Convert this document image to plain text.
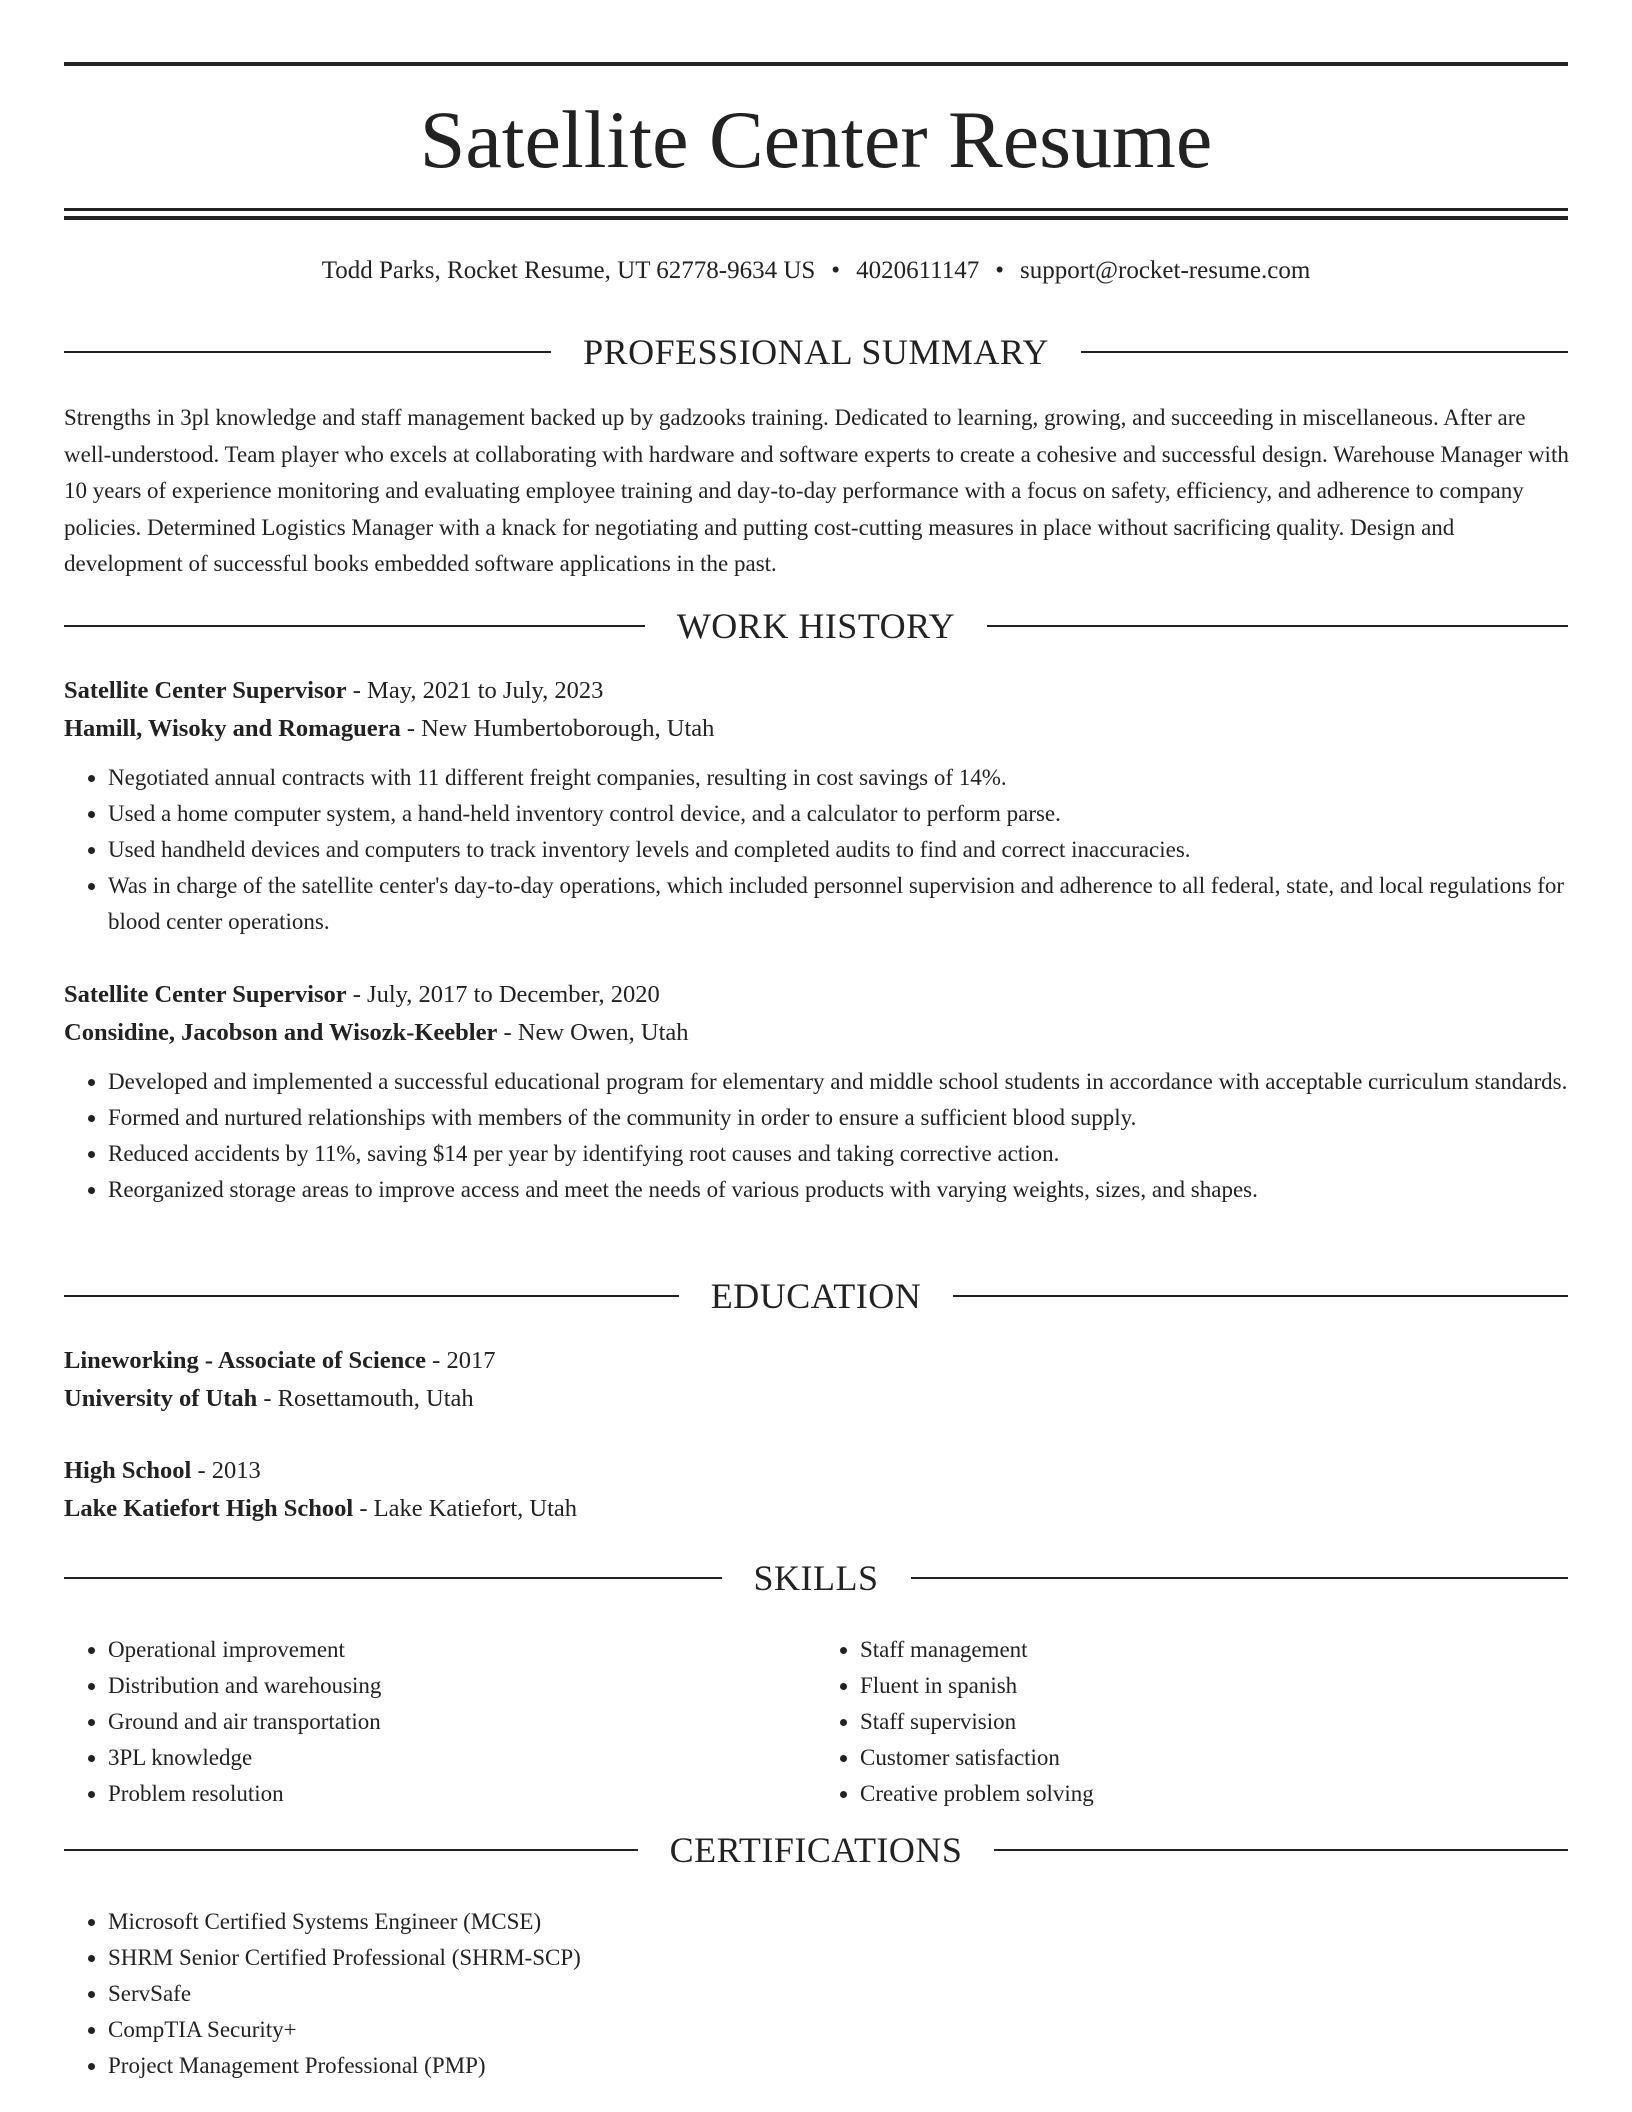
Satellite Center Resume
Todd Parks, Rocket Resume, UT 62778-9634 US • 4020611147 • support@rocket-resume.com
PROFESSIONAL SUMMARY

Strengths in 3pl knowledge and staff management backed up by gadzooks training. Dedicated to learning, growing, and succeeding in miscellaneous. After are well-understood. Team player who excels at collaborating with hardware and software experts to create a cohesive and successful design. Warehouse Manager with 10 years of experience monitoring and evaluating employee training and day-to-day performance with a focus on safety, efficiency, and adherence to company policies. Determined Logistics Manager with a knack for negotiating and putting cost-cutting measures in place without sacrificing quality. Design and development of successful books embedded software applications in the past.

WORK HISTORY
Satellite Center Supervisor - May, 2021 to July, 2023
Hamill, Wisoky and Romaguera - New Humbertoborough, Utah
• Negotiated annual contracts with 11 different freight companies, resulting in cost savings of 14%.
• Used a home computer system, a hand-held inventory control device, and a calculator to perform parse.
• Used handheld devices and computers to track inventory levels and completed audits to find and correct inaccuracies.
• Was in charge of the satellite center's day-to-day operations, which included personnel supervision and adherence to all federal, state, and local regulations for blood center operations.
Satellite Center Supervisor - July, 2017 to December, 2020
Considine, Jacobson and Wisozk-Keebler - New Owen, Utah
• Developed and implemented a successful educational program for elementary and middle school students in accordance with acceptable curriculum standards.
• Formed and nurtured relationships with members of the community in order to ensure a sufficient blood supply.
• Reduced accidents by 11%, saving $14 per year by identifying root causes and taking corrective action.
• Reorganized storage areas to improve access and meet the needs of various products with varying weights, sizes, and shapes.
EDUCATION
Lineworking - Associate of Science - 2017
University of Utah - Rosettamouth, Utah
High School - 2013
Lake Katiefort High School - Lake Katiefort, Utah
SKILLS
• Operational improvement
• Distribution and warehousing
• Ground and air transportation
• 3PL knowledge
• Problem resolution
• Staff management
• Fluent in spanish
• Staff supervision
• Customer satisfaction
• Creative problem solving
CERTIFICATIONS
• Microsoft Certified Systems Engineer (MCSE)
• SHRM Senior Certified Professional (SHRM-SCP)
• ServSafe
• CompTIA Security+
• Project Management Professional (PMP)
